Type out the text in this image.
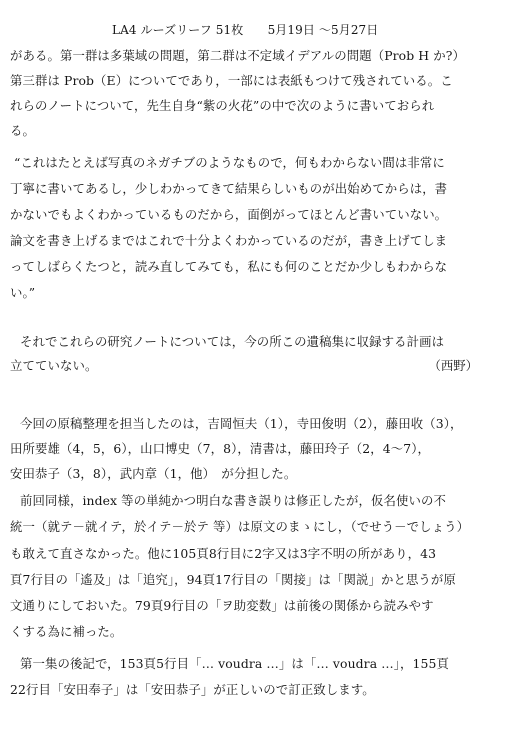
LA4 ルーズリーフ 51枚　　5月19日 〜5月27日
がある。第一群は多葉域の問題，第二群は不定域イデアルの問題（Prob H か?）
第三群は Prob（E）についてであり，一部には表紙もつけて残されている。こ
れらのノートについて，先生自身“紫の火花”の中で次のように書いておられ
る。
“これはたとえば写真のネガチブのようなもので，何もわからない間は非常に
丁寧に書いてあるし，少しわかってきて結果らしいものが出始めてからは，書
かないでもよくわかっているものだから，面倒がってほとんど書いていない。
論文を書き上げるまではこれで十分よくわかっているのだが，書き上げてしま
ってしばらくたつと，読み直してみても，私にも何のことだか少しもわからな
い。”
それでこれらの研究ノートについては，今の所この遺稿集に収録する計画は
立てていない。	（西野）
今回の原稿整理を担当したのは，吉岡恒夫（1），寺田俊明（2），藤田收（3），
田所要雄（4，5，6），山口博史（7，8），清書は，藤田玲子（2，4〜7），
安田恭子（3，8），武内章（1，他）　が分担した。
前回同様，index 等の単純かつ明白な書き誤りは修正したが，仮名使いの不
統一（就テ－就イテ，於イテ－於テ 等）は原文のまゝにし，（でせう－でしょう）
も敢えて直さなかった。他に105頁8行目に2字又は3字不明の所があり，43
頁7行目の「遙及」は「追究」，94頁17行目の「関接」は「関説」かと思うが原
文通りにしておいた。79頁9行目の「ヲ助変数」は前後の関係から読みやす
くする為に補った。
第一集の後記で，153頁5行目「… voudra …」は「… voudra …」，155頁
22行目「安田奉子」は「安田恭子」が正しいので訂正致します。
